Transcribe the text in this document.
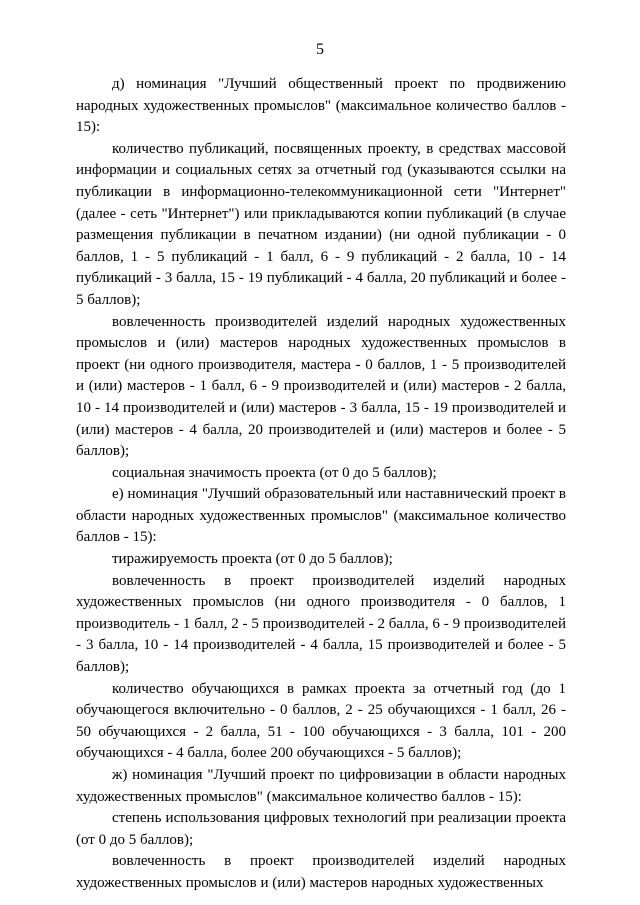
5

д) номинация "Лучший общественный проект по продвижению народных художественных промыслов" (максимальное количество баллов - 15):

количество публикаций, посвященных проекту, в средствах массовой информации и социальных сетях за отчетный год (указываются ссылки на публикации в информационно-телекоммуникационной сети "Интернет" (далее - сеть "Интернет") или прикладываются копии публикаций (в случае размещения публикации в печатном издании) (ни одной публикации - 0 баллов, 1 - 5 публикаций - 1 балл, 6 - 9 публикаций - 2 балла, 10 - 14 публикаций - 3 балла, 15 - 19 публикаций - 4 балла, 20 публикаций и более - 5 баллов);

вовлеченность производителей изделий народных художественных промыслов и (или) мастеров народных художественных промыслов в проект (ни одного производителя, мастера - 0 баллов, 1 - 5 производителей и (или) мастеров - 1 балл, 6 - 9 производителей и (или) мастеров - 2 балла, 10 - 14 производителей и (или) мастеров - 3 балла, 15 - 19 производителей и (или) мастеров - 4 балла, 20 производителей и (или) мастеров и более - 5 баллов);

социальная значимость проекта (от 0 до 5 баллов);

е) номинация "Лучший образовательный или наставнический проект в области народных художественных промыслов" (максимальное количество баллов - 15):

тиражируемость проекта (от 0 до 5 баллов);

вовлеченность в проект производителей изделий народных художественных промыслов (ни одного производителя - 0 баллов, 1 производитель - 1 балл, 2 - 5 производителей - 2 балла, 6 - 9 производителей - 3 балла, 10 - 14 производителей - 4 балла, 15 производителей и более - 5 баллов);

количество обучающихся в рамках проекта за отчетный год (до 1 обучающегося включительно - 0 баллов, 2 - 25 обучающихся - 1 балл, 26 - 50 обучающихся - 2 балла, 51 - 100 обучающихся - 3 балла, 101 - 200 обучающихся - 4 балла, более 200 обучающихся - 5 баллов);

ж) номинация "Лучший проект по цифровизации в области народных художественных промыслов" (максимальное количество баллов - 15):

степень использования цифровых технологий при реализации проекта (от 0 до 5 баллов);

вовлеченность в проект производителей изделий народных художественных промыслов и (или) мастеров народных художественных
